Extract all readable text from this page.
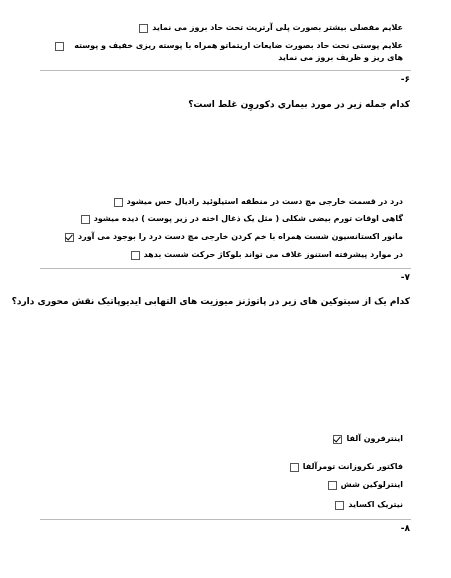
علایم مفصلی بیشتر بصورت پلی آرتریت تحت حاد بروز می نماید
علایم پوستی تحت حاد بصورت ضایعات اریتماتو همراه با پوسته ریزی خفیف و پوسته های ریز و ظریف بروز می نماید
-۶
كدام جمله زير در مورد بيماري دكوروِن غلط است؟
درد در قسمت خارجی مچ دست در منطقه استیلوئید رادیال حس میشود
گاهی اوقات تورم بیضی شکلی ( مثل یک ذغال اخته در زیر پوست ) دیده میشود
مانور اکستانسیون شست همراه با خم کردن خارجی مچ دست درد را بوجود می آورد
در موارد پیشرفته استنوز غلاف می تواند بلوکاژ حرکت شست بدهد
-۷
كدام يک از سیتوکین های زیر در پاتوژنز میوزیت های التهابی ایدیوپاتیک نقش محوری دارد؟
اینترفرون آلفا
فاکتور نکروزانت تومرآلفا
اینترلوکین شش
نیتریک اکساید
-۸
